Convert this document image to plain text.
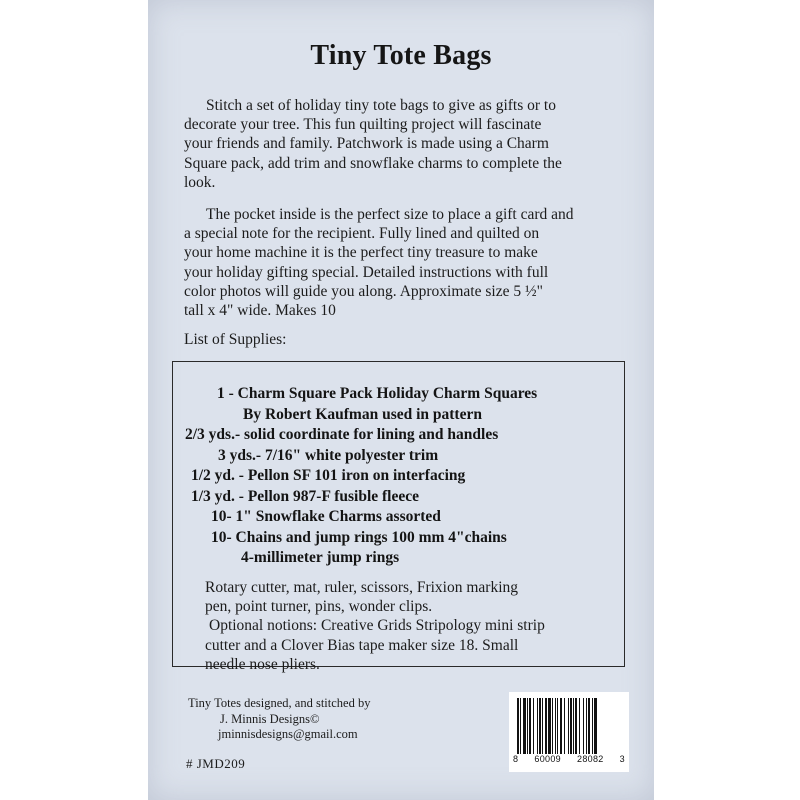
Tiny Tote Bags

Stitch a set of holiday tiny tote bags to give as gifts or to

decorate your tree. This fun quilting project will fascinate

your friends and family. Patchwork is made using a Charm

Square pack, add trim and snowflake charms to complete the

look.

The pocket inside is the perfect size to place a gift card and

a special note for the recipient. Fully lined and quilted on

your home machine it is the perfect tiny treasure to make

your holiday gifting special. Detailed instructions with full

color photos will guide you along. Approximate size 5 ½"

tall x 4" wide. Makes 10

List of Supplies:
1 - Charm Square Pack Holiday Charm Squares
By Robert Kaufman used in pattern
2/3 yds.- solid coordinate for lining and handles
3 yds.- 7/16" white polyester trim
1/2 yd. - Pellon SF 101 iron on interfacing
1/3 yd. - Pellon 987-F fusible fleece
10- 1" Snowflake Charms assorted
10- Chains and jump rings 100 mm 4"chains
4-millimeter jump rings

Rotary cutter, mat, ruler, scissors, Frixion marking

pen, point turner, pins, wonder clips.

Optional notions: Creative Grids Stripology mini strip

cutter and a Clover Bias tape maker size 18. Small

needle nose pliers.

Tiny Totes designed, and stitched by
J. Minnis Designs©
jminnisdesigns@gmail.com
# JMD209	8 60009 28082 3
